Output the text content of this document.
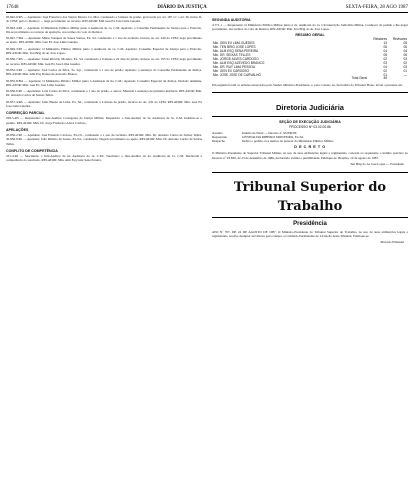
17648	DIÁRIO DA JUSTIÇA	SEXTA-FEIRA, 28 AGO 1987

95.842-6/RS — Apelantes: José Francisco dos Santos Moura. Ca. Mar. condenado a 3 meses de prisão, gravosada por art. 187 c/c o art. 30, inciso II, do CPM; pelo C. Relator; ... nega provimento ao recurso. RELATOR: Min Gen Ex Jose Lima Guedes.

95.843-4/RJ — Apelante: O Ministério Público Militar junto à Auditoria da 1a. C.M. Apelado: o Conselho Permanente de Justiça para o Exército. Dá-se provimento ao recurso de apelação, nos termos do voto do Relator.

95.847-7/BA — Apelante: Mário Vazquez de Souza Santos, Ex. Sd. condenado a 1 ano de reclusão, incurso no art. 240 do CPM; nega provimento ao apelo. RELATOR: Min. Gen Ex Jose Lima Guedes.

95.849-3/RJ — Apelante: O Ministério Público Militar junto à Auditoria da 1a. C.M. Apelado: Conselho Especial de Justiça para o Exército. RELATOR: Min. Ten Brig do Ar Jose Lopes.

95.850-7/RS — Apelante: Josué Ricardo Moreira, Ex. Sd. condenado a 6 meses e 22 dias de prisão, incurso no art. 195 do CPM; nega provimento ao recurso. RELATOR: Min. Gen Ex Jose Lima Guedes.

95.852-3/RJ — Apelante: José Carlos da Silva, 3o. Sgt., condenado a 1 ano de prisão; Apelado: a sentença do Conselho Permanente de Justiça. RELATOR: Min. Alm Esq Rafael de Azevedo Branco.

95.855-8/BA — Apelante: O Ministério Público Militar junto à Auditoria da 6a. C.M.; Apelado: Conselho Especial de Justiça. Decisão unânime. RELATOR: Min. Gen Ex Jose Lima Guedes.

95.856-6/RJ — Apelantes: Luís Carlos da Silva, condenado a 1 ano de prisão, e outros. Mantida a sentença de primeira instância. RELATOR: Min. Dr. Antonio Carlos de Seixas Telles.

95.857-4/RS — Apelante: Julio Bueno de Lima, Ex. Sd., condenado a 4 meses de prisão, incurso no art. 235 do CPM. RELATOR: Min. Gen Ex Jose Lima Guedes.

CORREIÇÃO PARCIAL

228-5-RS — Requerente: o Juiz-Auditor Corregedor da Justiça Militar; Requerido: o Juiz-Auditor da 3a. Auditoria da 3a. C.M. Indefere-se o pedido. RELATOR: Min. Dr. Jorge Frederico Alves Cardoso.

APELAÇÕES

45.856-2/RJ — Apelante: José Eduardo Cardoso, Ex-Cb., condenado a 1 ano de reclusão. RELATOR: Min. Dr. Antonio Carlos de Seixas Telles. 45.858-9/RJ — Apelante: João Ribeiro de Souza, Ex-Sd., condenado. Negado provimento ao apelo. RELATOR: Min. Dr. Antonio Carlos de Seixas Telles.

CONFLITO DE COMPETÊNCIA

331-4-RJ — Suscitante: o Juiz-Auditor da 2a. Auditoria da 1a. C.M.; Suscitado: o Juiz-Auditor da 4a. Auditoria da 1a. C.M. Declarada a competência do suscitado. RELATOR: Min. Alm Esq Luiz Sena Pereira.

SEGUNDA AUDITORIA

4.771-1 — Requerente: O Ministério Público Militar junto à 2a. Auditoria da 1a. Circunscrição Judiciária Militar. Conhecer do pedido e lhe negar provimento, nos termos do voto do Relator. RELATOR: Min. Ten Brig do Ar Jose Lopes.

RESUMO GERAL
	Relatores	Revisores
Min. GEN EX LIMA GUEDES	13	05
Min. TEN BRIG JOSE LOPES	06	06
Min. ALM ESQ SENA PEREIRA	04	04
Min. DR. SEIXAS TELLES	05	06
Min. JORGE ALVES CARDOSO	02	03
Min. ALM ESQ AZEVEDO BRANCO	03	02
Min. DR. RUY LIMA PESSOA	04	03
Min. GEN EX CARDOSO	02	01
Min. JOSE JOSE DE CARVALHO	01	—
Total Geral	45	

Em seguida foram os debates encerrados pelo Senhor Ministro-Presidente, e, para constar, eu, Secretária do Tribunal Pleno, lavrei a presente ata.

Diretoria Judiciária
SEÇÃO DE EXECUÇÃO JUDICIÁRIA
PROCESSO Nº 03.02.00.86
Assunto	Indulto de Natal — Decreto nº 93.830/86
Requerente	GENIVALDO RIBEIRO MONTEIRO, Ex-Sd.
Despacho	Defiro o pedido, nos termos do parecer do Ministério Público Militar.
D E C R E T O

O Ministro-Presidente do Superior Tribunal Militar, no uso de suas atribuições legais e regimentais, concede ao requerente o indulto previsto no Decreto nº 93.830, de 23 de dezembro de 1986, declarando extinta a punibilidade. Publique-se. Brasília, 10 de agosto de 1987.

Ten Brig do Ar Jose Lopes — Presidente
Tribunal Superior do Trabalho
Presidência

ATO Nº 707, DE 24 DE AGOSTO DE 1987. O Ministro-Presidente do Tribunal Superior do Trabalho, no uso de suas atribuições legais e regimentais, resolve designar servidores para compor a Comissão Permanente de Licitação deste Tribunal. Publique-se.

Marcelo Pimentel
